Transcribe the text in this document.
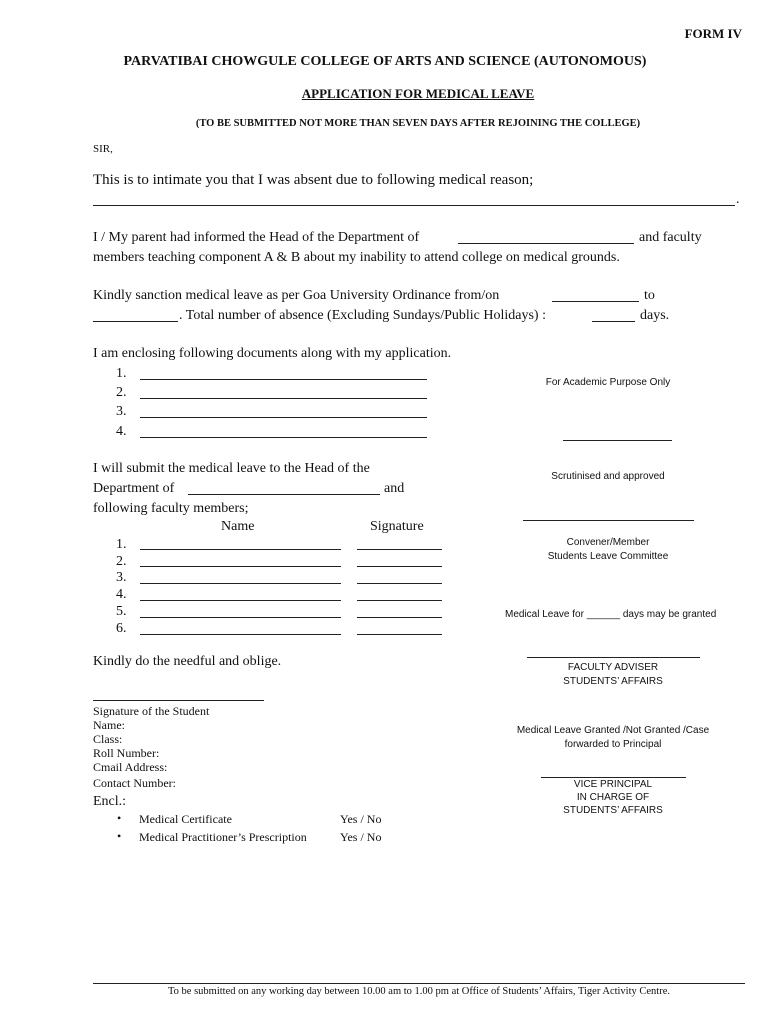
FORM IV
PARVATIBAI CHOWGULE COLLEGE OF ARTS AND SCIENCE (AUTONOMOUS)
APPLICATION FOR MEDICAL LEAVE
(TO BE SUBMITTED NOT MORE THAN SEVEN DAYS AFTER REJOINING THE COLLEGE)
SIR,
This is to intimate you that I was absent due to following medical reason;
.
I / My parent had informed the Head of the Department of	and faculty
members teaching component A & B about my inability to attend college on medical grounds.
Kindly sanction medical leave as per Goa University Ordinance from/on	to
. Total number of absence (Excluding Sundays/Public Holidays) :	days.
I am enclosing following documents along with my application.
1.
2.
3.
4.
I will submit the medical leave to the Head of the
Department of	and
following faculty members;
Name	Signature
1.
2.
3.
4.
5.
6.
Kindly do the needful and oblige.
Signature of the Student
Name:
Class:
Roll Number:
Cmail Address:
Contact Number:
Encl.:
• Medical Certificate	Yes / No
• Medical Practitioner’s Prescription	Yes / No
For Academic Purpose Only
Scrutinised and approved
Convener/Member
Students Leave Committee
Medical Leave for ______ days may be granted
FACULTY ADVISER
STUDENTS’ AFFAIRS
Medical Leave Granted /Not Granted /Case
forwarded to Principal
VICE PRINCIPAL
IN CHARGE OF
STUDENTS’ AFFAIRS
To be submitted on any working day between 10.00 am to 1.00 pm at Office of Students’ Affairs, Tiger Activity Centre.
